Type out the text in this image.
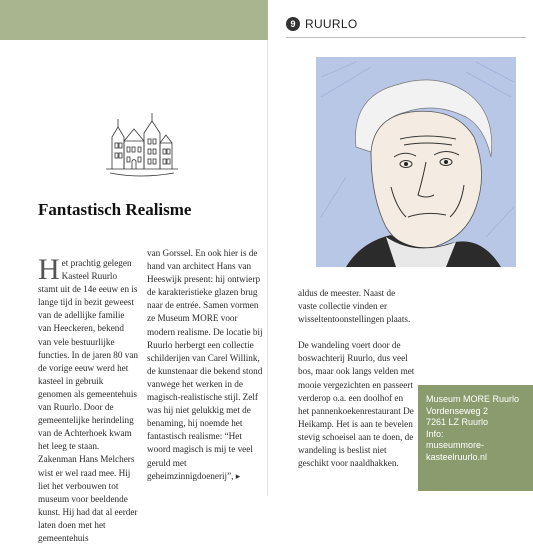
Fantastisch Realisme
H et prachtig gelegen Kasteel Ruurlo stamt uit de 14e eeuw en is lange tijd in bezit geweest van de adellijke familie van Heeckeren, bekend van vele bestuurlijke functies. In de jaren 80 van de vorige eeuw werd het kasteel in gebruik genomen als gemeentehuis van Ruurlo. Door de gemeentelijke herindeling van de Achterhoek kwam het leeg te staan. Zakenman Hans Melchers wist er wel raad mee. Hij liet het verbouwen tot museum voor beeldende kunst. Hij had dat al eerder laten doen met het gemeentehuis

van Gorssel. En ook hier is de hand van architect Hans van Heeswijk present: hij ontwierp de karakteristieke glazen brug naar de entrée. Samen vormen ze Museum MORE voor modern realisme. De locatie bij Ruurlo herbergt een collectie schilderijen van Carel Willink, de kunstenaar die bekend stond vanwege het werken in de magisch-realistische stijl. Zelf was hij niet gelukkig met de benaming, hij noemde het fantastisch realisme: “Het woord magisch is mij te veel geruld met geheimzinnigdoenerij”, ▸

9 RUURLO

aldus de meester. Naast de vaste collectie vinden er wisseltentoonstellingen plaats.

De wandeling voert door de boswachterij Ruurlo, dus veel bos, maar ook langs velden met mooie vergezichten en passeert verderop o.a. een doolhof en het pannenkoekenrestaurant De Heikamp. Het is aan te bevelen stevig schoeisel aan te doen, de wandeling is beslist niet geschikt voor naaldhakken.

Museum MORE Ruurlo
Vordenseweg 2
7261 LZ Ruurlo
Info:
museummore-
kasteelruurlo.nl
